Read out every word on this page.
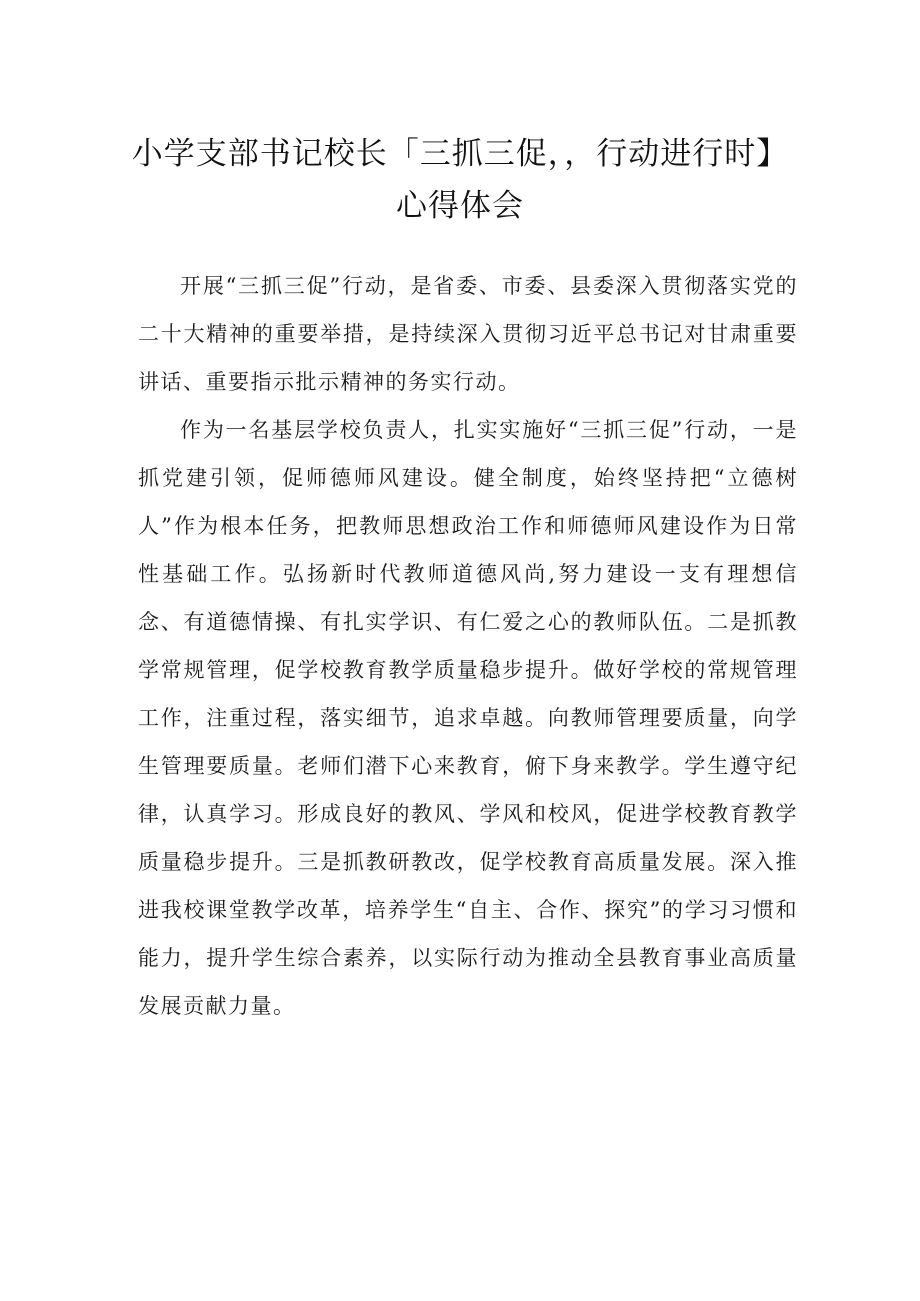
小学支部书记校长「三抓三促，，行动进行时】
心得体会

开展“三抓三促”行动，是省委、市委、县委深入贯彻落实党的二十大精神的重要举措，是持续深入贯彻习近平总书记对甘肃重要讲话、重要指示批示精神的务实行动。

作为一名基层学校负责人，扎实实施好“三抓三促”行动，一是抓党建引领，促师德师风建设。健全制度，始终坚持把“立德树人”作为根本任务，把教师思想政治工作和师德师风建设作为日常性基础工作。弘扬新时代教师道德风尚,努力建设一支有理想信念、有道德情操、有扎实学识、有仁爱之心的教师队伍。二是抓教学常规管理，促学校教育教学质量稳步提升。做好学校的常规管理工作，注重过程，落实细节，追求卓越。向教师管理要质量，向学生管理要质量。老师们潜下心来教育，俯下身来教学。学生遵守纪律，认真学习。形成良好的教风、学风和校风，促进学校教育教学质量稳步提升。三是抓教研教改，促学校教育高质量发展。深入推进我校课堂教学改革，培养学生“自主、合作、探究”的学习习惯和能力，提升学生综合素养，以实际行动为推动全县教育事业高质量发展贡献力量。
